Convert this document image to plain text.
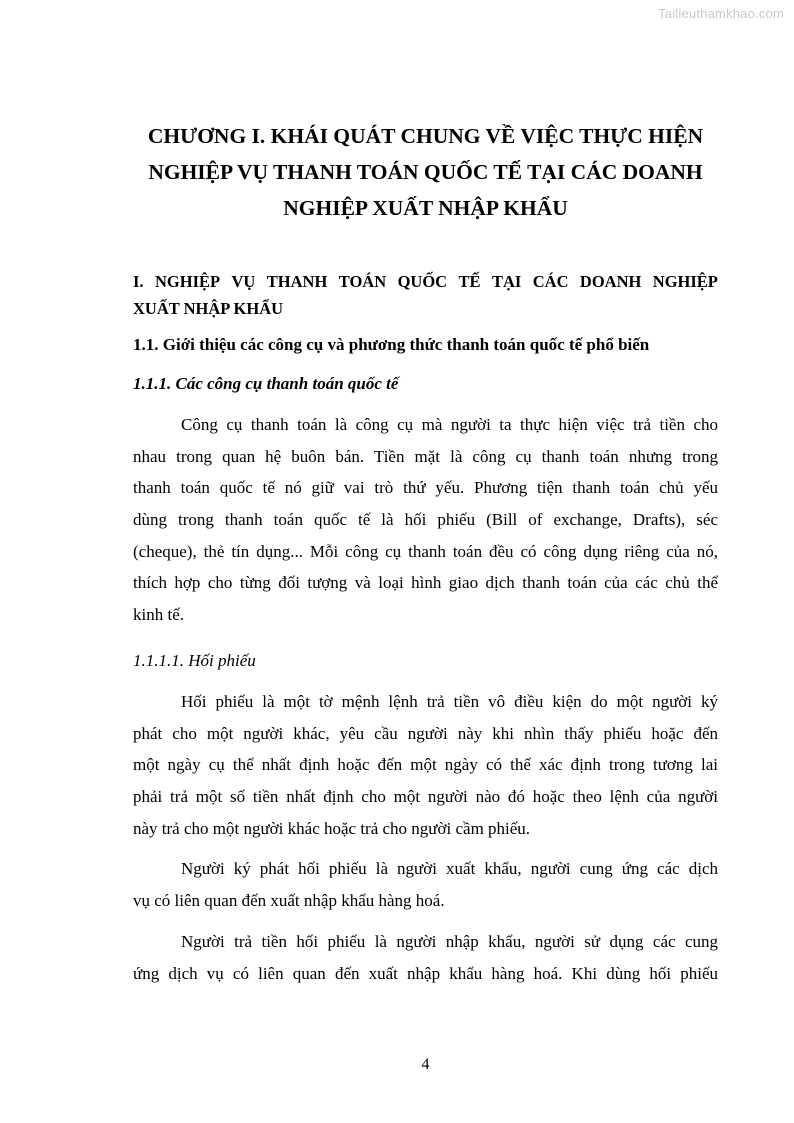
Tailieuthamkhao.com
CHƯƠNG I. KHÁI QUÁT CHUNG VỀ VIỆC THỰC HIỆN
NGHIỆP VỤ THANH TOÁN QUỐC TẾ TẠI CÁC DOANH
NGHIỆP XUẤT NHẬP KHẨU
I. NGHIỆP VỤ THANH TOÁN QUỐC TẾ TẠI CÁC DOANH NGHIỆP
XUẤT NHẬP KHẨU
1.1. Giới thiệu các công cụ và phương thức thanh toán quốc tế phổ biến
1.1.1. Các công cụ thanh toán quốc tế
Công cụ thanh toán là công cụ mà người ta thực hiện việc trả tiền cho
nhau trong quan hệ buôn bán. Tiền mặt là công cụ thanh toán nhưng trong
thanh toán quốc tế nó giữ vai trò thứ yếu. Phương tiện thanh toán chủ yếu
dùng trong thanh toán quốc tế là hối phiếu (Bill of exchange, Drafts), séc
(cheque), thẻ tín dụng... Mỗi công cụ thanh toán đều có công dụng riêng của nó,
thích hợp cho từng đối tượng và loại hình giao dịch thanh toán của các chủ thể
kinh tế.
1.1.1.1. Hối phiếu
Hối phiếu là một tờ mệnh lệnh trả tiền vô điều kiện do một người ký
phát cho một người khác, yêu cầu người này khi nhìn thấy phiếu hoặc đến
một ngày cụ thể nhất định hoặc đến một ngày có thể xác định trong tương lai
phải trả một số tiền nhất định cho một người nào đó hoặc theo lệnh của người
này trả cho một người khác hoặc trả cho người cầm phiếu.
Người ký phát hối phiếu là người xuất khẩu, người cung ứng các dịch
vụ có liên quan đến xuất nhập khẩu hàng hoá.
Người trả tiền hối phiếu là người nhập khẩu, người sử dụng các cung
ứng dịch vụ có liên quan đến xuất nhập khẩu hàng hoá. Khi dùng hối phiếu
4
